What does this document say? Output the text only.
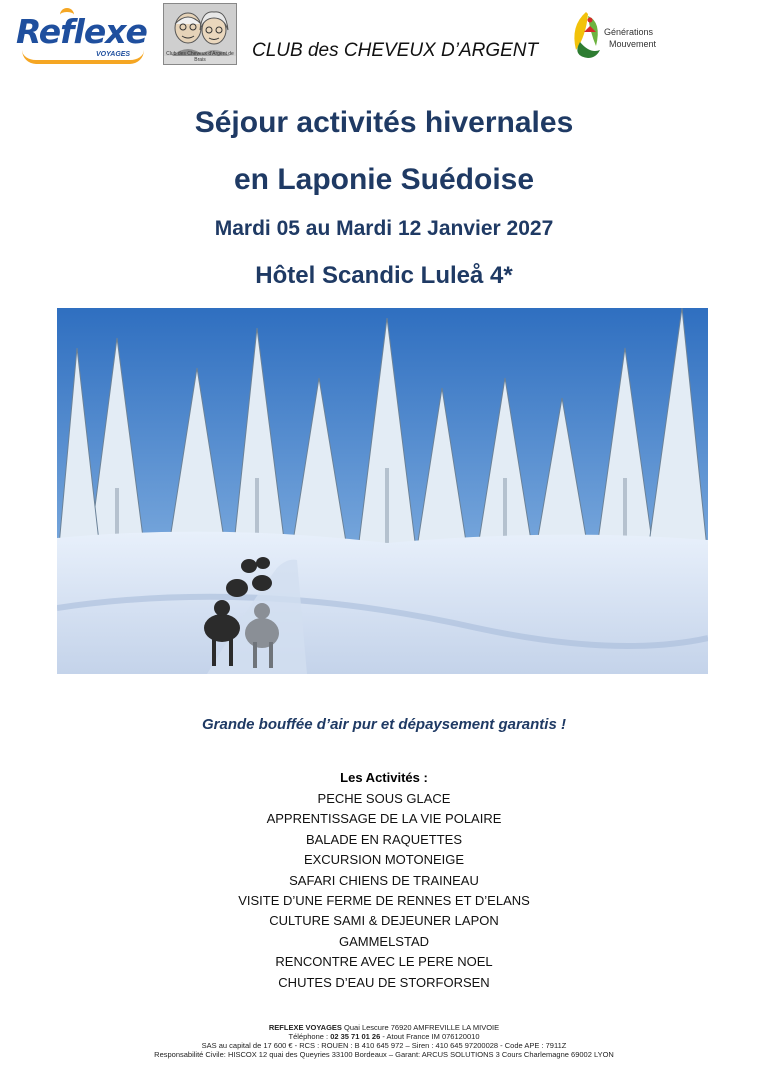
Reflexe
VOYAGES	Club des Cheveux d'Argent de Brais	CLUB des CHEVEUX D’ARGENT
Générations
Mouvement
Séjour activités hivernales
en Laponie Suédoise
Mardi 05 au Mardi 12 Janvier 2027
Hôtel Scandic Luleå 4*
Grande bouffée d’air pur et dépaysement garantis !
Les Activités :
PECHE SOUS GLACE
APPRENTISSAGE DE LA VIE POLAIRE
BALADE EN RAQUETTES
EXCURSION MOTONEIGE
SAFARI CHIENS DE TRAINEAU
VISITE D’UNE FERME DE RENNES ET D’ELANS
CULTURE SAMI & DEJEUNER LAPON
GAMMELSTAD
RENCONTRE AVEC LE PERE NOEL
CHUTES D’EAU DE STORFORSEN
REFLEXE VOYAGES Quai Lescure 76920 AMFREVILLE LA MIVOIE
Téléphone : 02 35 71 01 26 - Atout France IM 076120010
SAS au capital de 17 600 € - RCS : ROUEN : B 410 645 972 – Siren : 410 645 97200028 - Code APE : 7911Z
Responsabilité Civile: HISCOX 12 quai des Queyries 33100 Bordeaux – Garant: ARCUS SOLUTIONS 3 Cours Charlemagne 69002 LYON
